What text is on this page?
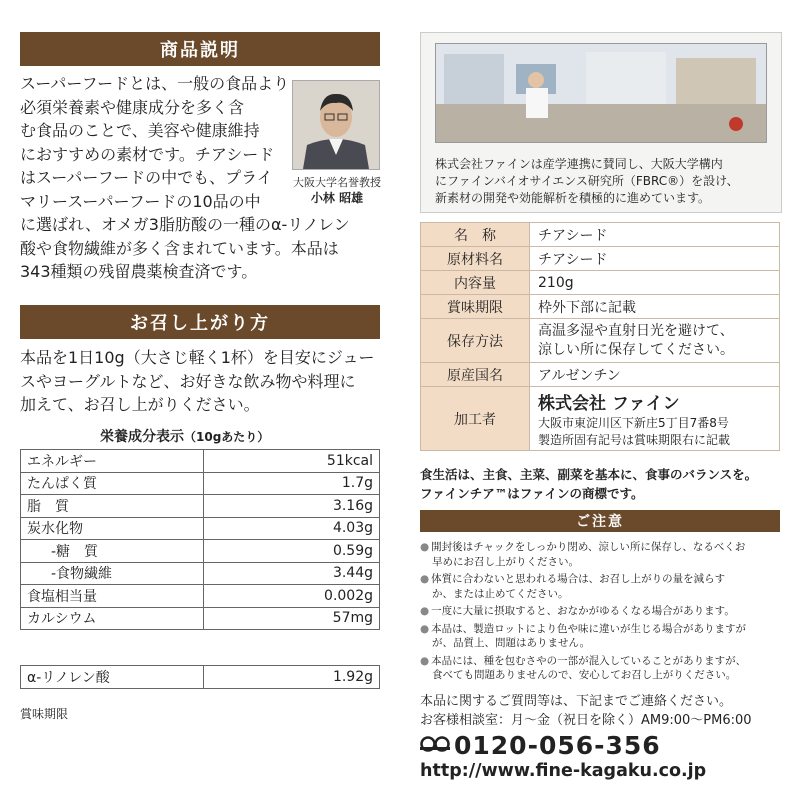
商品説明
スーパーフードとは、一般の食品より
必須栄養素や健康成分を多く含
む食品のことで、美容や健康維持
におすすめの素材です。チアシード
はスーパーフードの中でも、プライ
マリースーパーフードの10品の中
に選ばれ、オメガ3脂肪酸の一種のα-リノレン
酸や食物繊維が多く含まれています。本品は
343種類の残留農薬検査済です。
大阪大学名誉教授
小林 昭雄
お召し上がり方
本品を1日10g（大さじ軽く1杯）を目安にジュー
スやヨーグルトなど、お好きな飲み物や料理に
加えて、お召し上がりください。
栄養成分表示（10gあたり）
エネルギー	51kcal
たんぱく質	1.7g
脂　質	3.16g
炭水化物	4.03g
-糖　質	0.59g
-食物繊維	3.44g
食塩相当量	0.002g
カルシウム	57mg
α-リノレン酸	1.92g
賞味期限
株式会社ファインは産学連携に賛同し、大阪大学構内
にファインバイオサイエンス研究所（FBRC®）を設け、
新素材の開発や効能解析を積極的に進めています。
名　称	チアシード
原材料名	チアシード
内容量	210g
賞味期限	枠外下部に記載
保存方法	高温多湿や直射日光を避けて、
涼しい所に保存してください。

原産国名	アルゼンチン
加工者	株式会社 ファイン
大阪市東淀川区下新庄5丁目7番8号
製造所固有記号は賞味期限右に記載
食生活は、主食、主菜、副菜を基本に、食事のバランスを。
ファインチア™はファインの商標です。
ご注意
● 開封後はチャックをしっかり閉め、涼しい所に保存し、なるべくお
早めにお召し上がりください。
● 体質に合わないと思われる場合は、お召し上がりの量を減らす
か、または止めてください。
● 一度に大量に摂取すると、おなかがゆるくなる場合があります。
● 本品は、製造ロットにより色や味に違いが生じる場合がありますが
が、品質上、問題はありません。
● 本品には、種を包むさやの一部が混入していることがありますが、
食べても問題ありませんので、安心してお召し上がりください。
本品に関するご質問等は、下記までご連絡ください。
お客様相談室：月～金（祝日を除く）AM9:00～PM6:00
0120-056-356
http://www.fine-kagaku.co.jp
